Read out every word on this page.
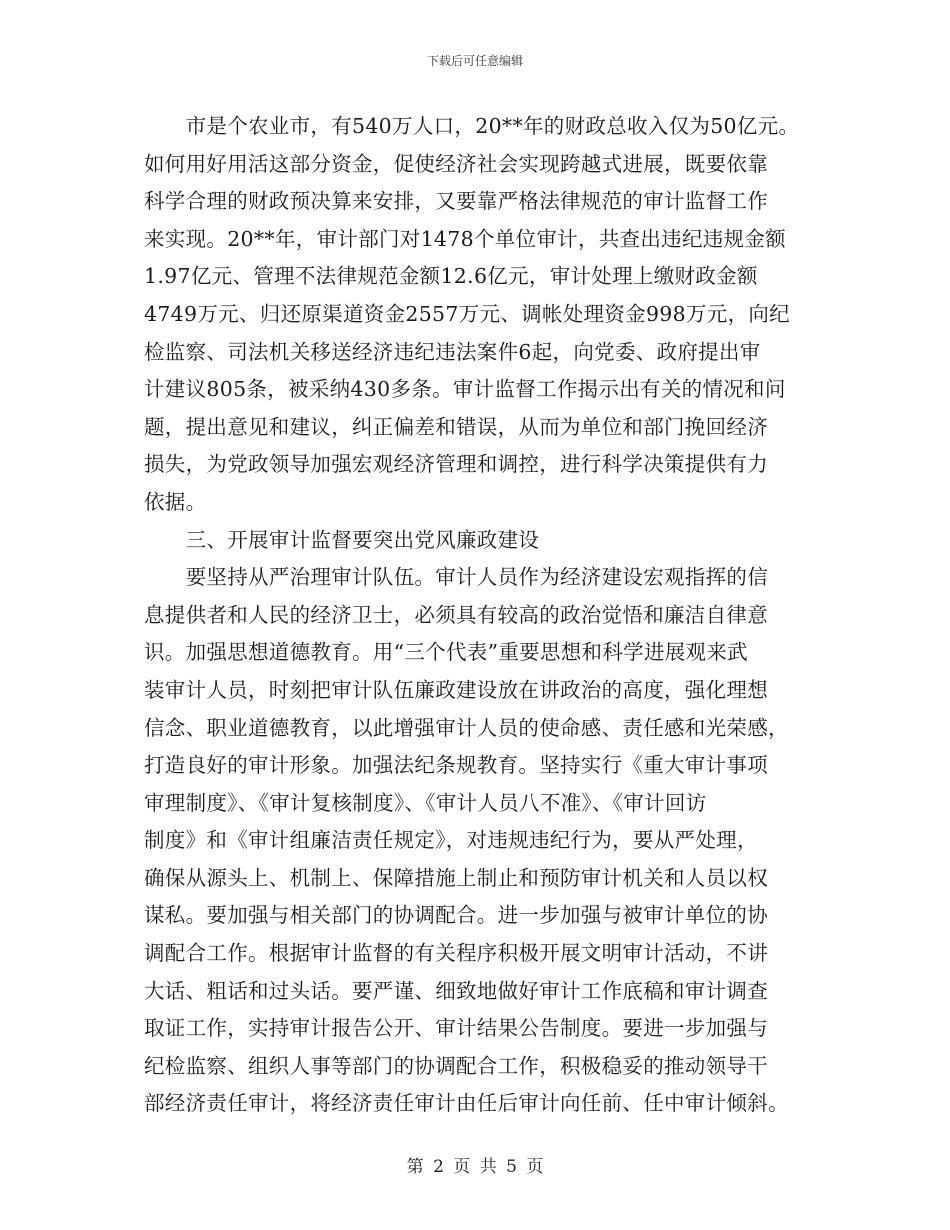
下载后可任意编辑
　　市是个农业市，有540万人口，20**年的财政总收入仅为50亿元。
如何用好用活这部分资金，促使经济社会实现跨越式进展，既要依靠
科学合理的财政预决算来安排，又要靠严格法律规范的审计监督工作
来实现。20**年，审计部门对1478个单位审计，共查出违纪违规金额
1.97亿元、管理不法律规范金额12.6亿元，审计处理上缴财政金额
4749万元、归还原渠道资金2557万元、调帐处理资金998万元，向纪
检监察、司法机关移送经济违纪违法案件6起，向党委、政府提出审
计建议805条，被采纳430多条。审计监督工作揭示出有关的情况和问
题，提出意见和建议，纠正偏差和错误，从而为单位和部门挽回经济
损失，为党政领导加强宏观经济管理和调控，进行科学决策提供有力
依据。
　　三、开展审计监督要突出党风廉政建设
　　要坚持从严治理审计队伍。审计人员作为经济建设宏观指挥的信
息提供者和人民的经济卫士，必须具有较高的政治觉悟和廉洁自律意
识。加强思想道德教育。用“三个代表”重要思想和科学进展观来武
装审计人员，时刻把审计队伍廉政建设放在讲政治的高度，强化理想
信念、职业道德教育，以此增强审计人员的使命感、责任感和光荣感，
打造良好的审计形象。加强法纪条规教育。坚持实行《重大审计事项
审理制度》、《审计复核制度》、《审计人员八不准》、《审计回访
制度》和《审计组廉洁责任规定》，对违规违纪行为，要从严处理，
确保从源头上、机制上、保障措施上制止和预防审计机关和人员以权
谋私。要加强与相关部门的协调配合。进一步加强与被审计单位的协
调配合工作。根据审计监督的有关程序积极开展文明审计活动，不讲
大话、粗话和过头话。要严谨、细致地做好审计工作底稿和审计调查
取证工作，实持审计报告公开、审计结果公告制度。要进一步加强与
纪检监察、组织人事等部门的协调配合工作，积极稳妥的推动领导干
部经济责任审计，将经济责任审计由任后审计向任前、任中审计倾斜。
第 2 页 共 5 页
